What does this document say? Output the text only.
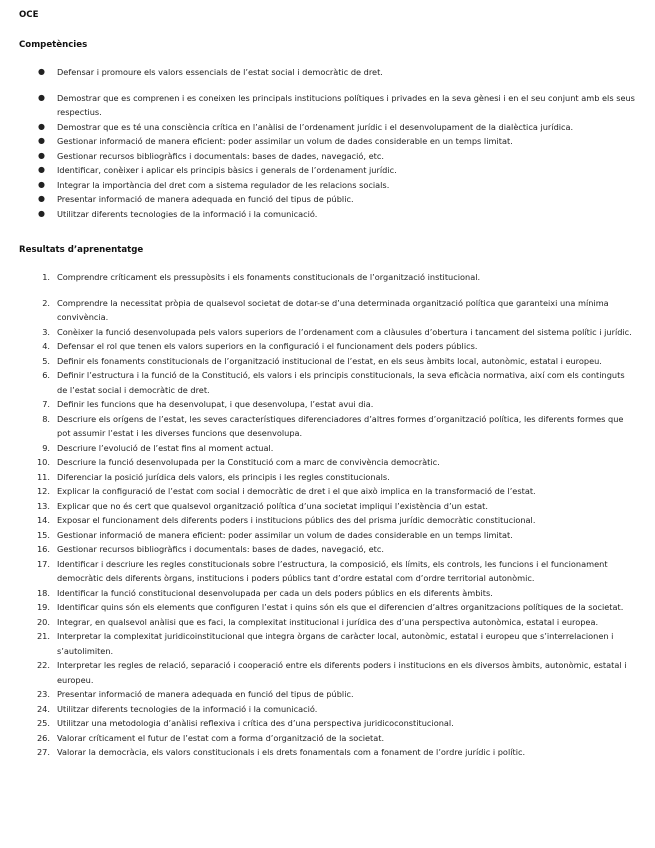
OCE
Competències
● Defensar i promoure els valors essencials de l’estat social i democràtic de dret.
● Demostrar que es comprenen i es coneixen les principals institucions polítiques i privades en la seva gènesi i en el seu conjunt amb els seus respectius.
● Demostrar que es té una consciència crítica en l’anàlisi de l’ordenament jurídic i el desenvolupament de la dialèctica jurídica.
● Gestionar informació de manera eficient: poder assimilar un volum de dades considerable en un temps limitat.
● Gestionar recursos bibliogràfics i documentals: bases de dades, navegació, etc.
● Identificar, conèixer i aplicar els principis bàsics i generals de l’ordenament jurídic.
● Integrar la importància del dret com a sistema regulador de les relacions socials.
● Presentar informació de manera adequada en funció del tipus de públic.
● Utilitzar diferents tecnologies de la informació i la comunicació.
Resultats d’aprenentatge
1. Comprendre críticament els pressupòsits i els fonaments constitucionals de l’organització institucional.
2. Comprendre la necessitat pròpia de qualsevol societat de dotar-se d’una determinada organització política que garanteixi una mínima convivència.
3. Conèixer la funció desenvolupada pels valors superiors de l’ordenament com a clàusules d’obertura i tancament del sistema polític i jurídic.
4. Defensar el rol que tenen els valors superiors en la configuració i el funcionament dels poders públics.
5. Definir els fonaments constitucionals de l’organització institucional de l’estat, en els seus àmbits local, autonòmic, estatal i europeu.
6. Definir l’estructura i la funció de la Constitució, els valors i els principis constitucionals, la seva eficàcia normativa, així com els continguts de l’estat social i democràtic de dret.
7. Definir les funcions que ha desenvolupat, i que desenvolupa, l’estat avui dia.
8. Descriure els orígens de l’estat, les seves característiques diferenciadores d’altres formes d’organització política, les diferents formes que pot assumir l’estat i les diverses funcions que desenvolupa.
9. Descriure l’evolució de l’estat fins al moment actual.
10. Descriure la funció desenvolupada per la Constitució com a marc de convivència democràtic.
11. Diferenciar la posició jurídica dels valors, els principis i les regles constitucionals.
12. Explicar la configuració de l’estat com social i democràtic de dret i el que això implica en la transformació de l’estat.
13. Explicar que no és cert que qualsevol organització política d’una societat impliqui l’existència d’un estat.
14. Exposar el funcionament dels diferents poders i institucions públics des del prisma jurídic democràtic constitucional.
15. Gestionar informació de manera eficient: poder assimilar un volum de dades considerable en un temps limitat.
16. Gestionar recursos bibliogràfics i documentals: bases de dades, navegació, etc.
17. Identificar i descriure les regles constitucionals sobre l’estructura, la composició, els límits, els controls, les funcions i el funcionament democràtic dels diferents òrgans, institucions i poders públics tant d’ordre estatal com d’ordre territorial autonòmic.
18. Identificar la funció constitucional desenvolupada per cada un dels poders públics en els diferents àmbits.
19. Identificar quins són els elements que configuren l’estat i quins són els que el diferencien d’altres organitzacions polítiques de la societat.
20. Integrar, en qualsevol anàlisi que es faci, la complexitat institucional i jurídica des d’una perspectiva autonòmica, estatal i europea.
21. Interpretar la complexitat juridicoinstitucional que integra òrgans de caràcter local, autonòmic, estatal i europeu que s’interrelacionen i s’autolimiten.
22. Interpretar les regles de relació, separació i cooperació entre els diferents poders i institucions en els diversos àmbits, autonòmic, estatal i europeu.
23. Presentar informació de manera adequada en funció del tipus de públic.
24. Utilitzar diferents tecnologies de la informació i la comunicació.
25. Utilitzar una metodologia d’anàlisi reflexiva i crítica des d’una perspectiva juridicoconstitucional.
26. Valorar críticament el futur de l’estat com a forma d’organització de la societat.
27. Valorar la democràcia, els valors constitucionals i els drets fonamentals com a fonament de l’ordre jurídic i polític.
